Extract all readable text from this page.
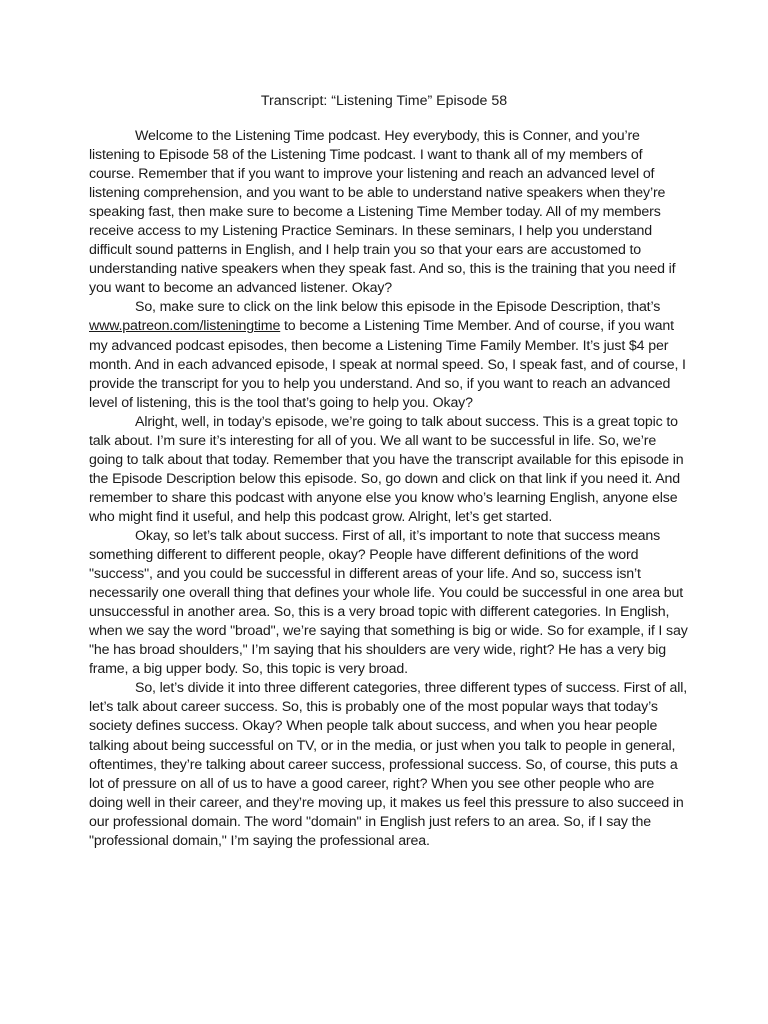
Transcript: “Listening Time” Episode 58

Welcome to the Listening Time podcast. Hey everybody, this is Conner, and you’re listening to Episode 58 of the Listening Time podcast. I want to thank all of my members of course. Remember that if you want to improve your listening and reach an advanced level of listening comprehension, and you want to be able to understand native speakers when they’re speaking fast, then make sure to become a Listening Time Member today. All of my members receive access to my Listening Practice Seminars. In these seminars, I help you understand difficult sound patterns in English, and I help train you so that your ears are accustomed to understanding native speakers when they speak fast. And so, this is the training that you need if you want to become an advanced listener. Okay?

So, make sure to click on the link below this episode in the Episode Description, that’s www.patreon.com/listeningtime to become a Listening Time Member. And of course, if you want my advanced podcast episodes, then become a Listening Time Family Member. It’s just $4 per month. And in each advanced episode, I speak at normal speed. So, I speak fast, and of course, I provide the transcript for you to help you understand. And so, if you want to reach an advanced level of listening, this is the tool that’s going to help you. Okay?

Alright, well, in today’s episode, we’re going to talk about success. This is a great topic to talk about. I’m sure it’s interesting for all of you. We all want to be successful in life. So, we’re going to talk about that today. Remember that you have the transcript available for this episode in the Episode Description below this episode. So, go down and click on that link if you need it. And remember to share this podcast with anyone else you know who’s learning English, anyone else who might find it useful, and help this podcast grow. Alright, let’s get started.

Okay, so let’s talk about success. First of all, it’s important to note that success means something different to different people, okay? People have different definitions of the word "success", and you could be successful in different areas of your life. And so, success isn’t necessarily one overall thing that defines your whole life. You could be successful in one area but unsuccessful in another area. So, this is a very broad topic with different categories. In English, when we say the word "broad", we’re saying that something is big or wide. So for example, if I say "he has broad shoulders," I’m saying that his shoulders are very wide, right? He has a very big frame, a big upper body. So, this topic is very broad.

So, let’s divide it into three different categories, three different types of success. First of all, let’s talk about career success. So, this is probably one of the most popular ways that today’s society defines success. Okay? When people talk about success, and when you hear people talking about being successful on TV, or in the media, or just when you talk to people in general, oftentimes, they’re talking about career success, professional success. So, of course, this puts a lot of pressure on all of us to have a good career, right? When you see other people who are doing well in their career, and they’re moving up, it makes us feel this pressure to also succeed in our professional domain. The word "domain" in English just refers to an area. So, if I say the "professional domain," I’m saying the professional area.
